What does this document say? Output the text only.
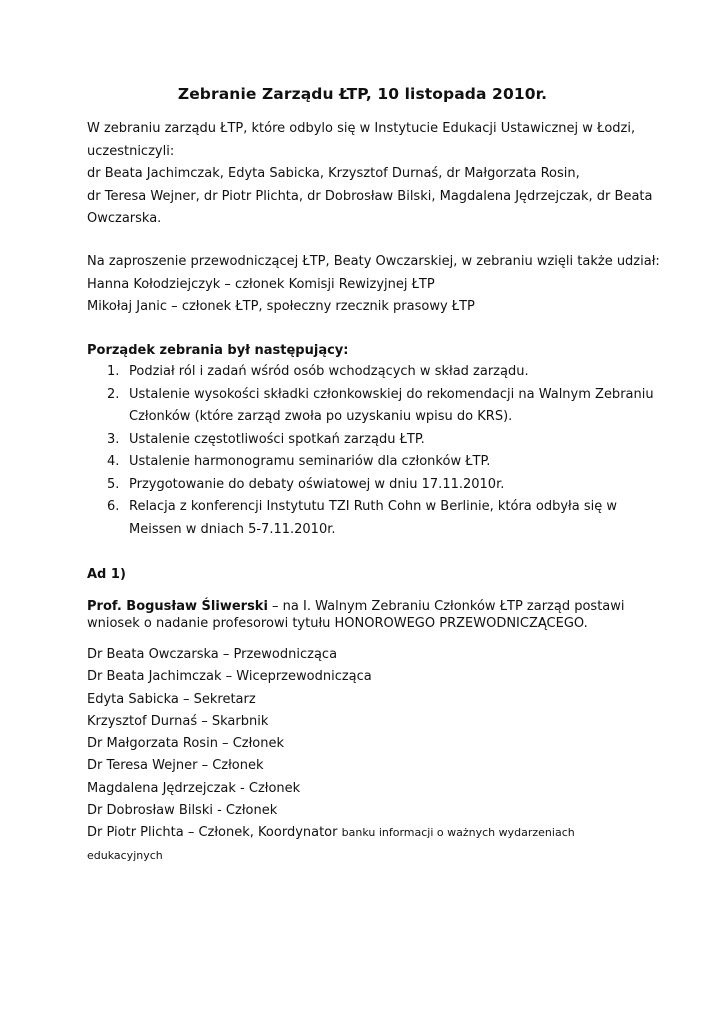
Zebranie Zarządu ŁTP, 10 listopada 2010r.
W zebraniu zarządu ŁTP, które odbylo się w Instytucie Edukacji Ustawicznej w Łodzi,
uczestniczyli:
dr Beata Jachimczak, Edyta Sabicka, Krzysztof Durnaś, dr Małgorzata Rosin,
dr Teresa Wejner, dr Piotr Plichta, dr Dobrosław Bilski, Magdalena Jędrzejczak, dr Beata
Owczarska.
Na zaproszenie przewodniczącej ŁTP, Beaty Owczarskiej, w zebraniu wzięli także udział:
Hanna Kołodziejczyk – członek Komisji Rewizyjnej ŁTP
Mikołaj Janic – członek ŁTP, społeczny rzecznik prasowy ŁTP
Porządek zebrania był następujący:
1. Podział ról i zadań wśród osób wchodzących w skład zarządu.
2. Ustalenie wysokości składki członkowskiej do rekomendacji na Walnym Zebraniu
Członków (które zarząd zwoła po uzyskaniu wpisu do KRS).
3. Ustalenie częstotliwości spotkań zarządu ŁTP.
4. Ustalenie harmonogramu seminariów dla członków ŁTP.
5. Przygotowanie do debaty oświatowej w dniu 17.11.2010r.
6. Relacja z konferencji Instytutu TZI Ruth Cohn w Berlinie, która odbyła się w
Meissen w dniach 5-7.11.2010r.
Ad 1)
Prof. Bogusław Śliwerski – na I. Walnym Zebraniu Członków ŁTP zarząd postawi
wniosek o nadanie profesorowi tytułu HONOROWEGO PRZEWODNICZĄCEGO.
Dr Beata Owczarska – Przewodnicząca
Dr Beata Jachimczak – Wiceprzewodnicząca
Edyta Sabicka – Sekretarz
Krzysztof Durnaś – Skarbnik
Dr Małgorzata Rosin – Członek
Dr Teresa Wejner – Członek
Magdalena Jędrzejczak - Członek
Dr Dobrosław Bilski - Członek
Dr Piotr Plichta – Członek, Koordynator banku informacji o ważnych wydarzeniach
edukacyjnych
